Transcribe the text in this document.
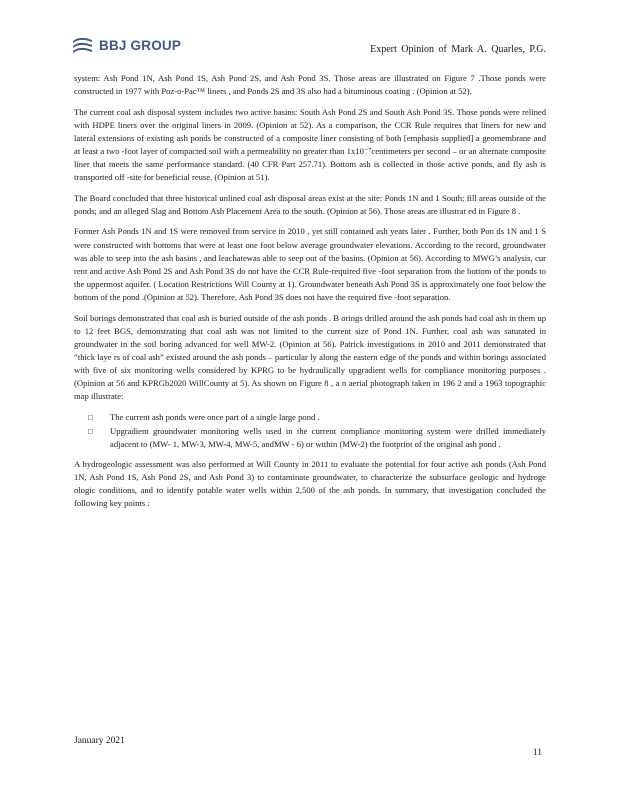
BBJ GROUP	Expert Opinion of Mark A. Quarles, P.G.

system: Ash Pond 1N, Ash Pond 1S, Ash Pond 2S, and Ash Pond 3S. Those areas are illustrated on Figure 7 .Those ponds were constructed in 1977 with Poz-o-Pac™ liners , and Ponds 2S and 3S also had a bituminous coating . (Opinion at 52).

The current coal ash disposal system includes two active basins: South Ash Pond 2S and South Ash Pond 3S. Those ponds were relined with HDPE liners over the original liners in 2009. (Opinion at 52). As a comparison, the CCR Rule requires that liners for new and lateral extensions of existing ash ponds be constructed of a composite liner consisting of both [emphasis supplied] a geomembrane and at least a two -foot layer of compacted soil with a permeability no greater than 1x10⁻⁷centimeters per second – or an alternate composite liner that meets the same performance standard. (40 CFR Part 257.71). Bottom ash is collected in those active ponds, and fly ash is transported off -site for beneficial reuse. (Opinion at 51).

The Board concluded that three historical unlined coal ash disposal areas exist at the site: Ponds 1N and 1 South; fill areas outside of the ponds; and an alleged Slag and Bottom Ash Placement Area to the south. (Opinion at 56). Those areas are illustrat ed in Figure 8 .

Former Ash Ponds 1N and 1S were removed from service in 2010 , yet still contained ash years later . Further, both Pon ds 1N and 1 S were constructed with bottoms that were at least one foot below average groundwater elevations. According to the record, groundwater was able to seep into the ash basins , and leachatewas able to seep out of the basins. (Opinion at 56). According to MWG’s analysis, cur rent and active Ash Pond 2S and Ash Pond 3S do not have the CCR Rule-required five -foot separation from the bottom of the ponds to the uppermost aquifer. ( Location Restrictions Will County at 1). Groundwater beneath Ash Pond 3S is approximately one foot below the bottom of the pond .(Opinion at 52). Therefore, Ash Pond 3S does not have the required five -foot separation.

Soil borings demonstrated that coal ash is buried outside of the ash ponds . B orings drilled around the ash ponds had coal ash in them up to 12 feet BGS, demonstrating that coal ash was not limited to the current size of Pond 1N. Further, coal ash was saturated in groundwater in the soil boring advanced for well MW-2. (Opinion at 56). Patrick investigations in 2010 and 2011 demonstrated that “thick laye rs of coal ash” existed around the ash ponds – particular ly along the eastern edge of the ponds and within borings associated with five of six monitoring wells considered by KPRG to be hydraulically upgradient wells for compliance monitoring purposes . (Opinion at 56 and KPRGb2020 WillCounty at 5). As shown on Figure 8 , a n aerial photograph taken in 196 2 and a 1963 topographic map illustrate:

□ The current ash ponds were once part of a single large pond .
□ Upgradient groundwater monitoring wells used in the current compliance monitoring system were drilled immediately adjacent to (MW- 1, MW-3, MW-4, MW-5, andMW - 6) or within (MW-2) the footprint of the original ash pond .

A hydrogeologic assessment was also performed at Will County in 2011 to evaluate the potential for four active ash ponds (Ash Pond 1N, Ash Pond 1S, Ash Pond 2S, and Ash Pond 3) to contaminate groundwater, to characterize the subsurface geologic and hydroge ologic conditions, and to identify potable water wells within 2,500 of the ash ponds. In summary, that investigation concluded the following key points :

January 2021
11
